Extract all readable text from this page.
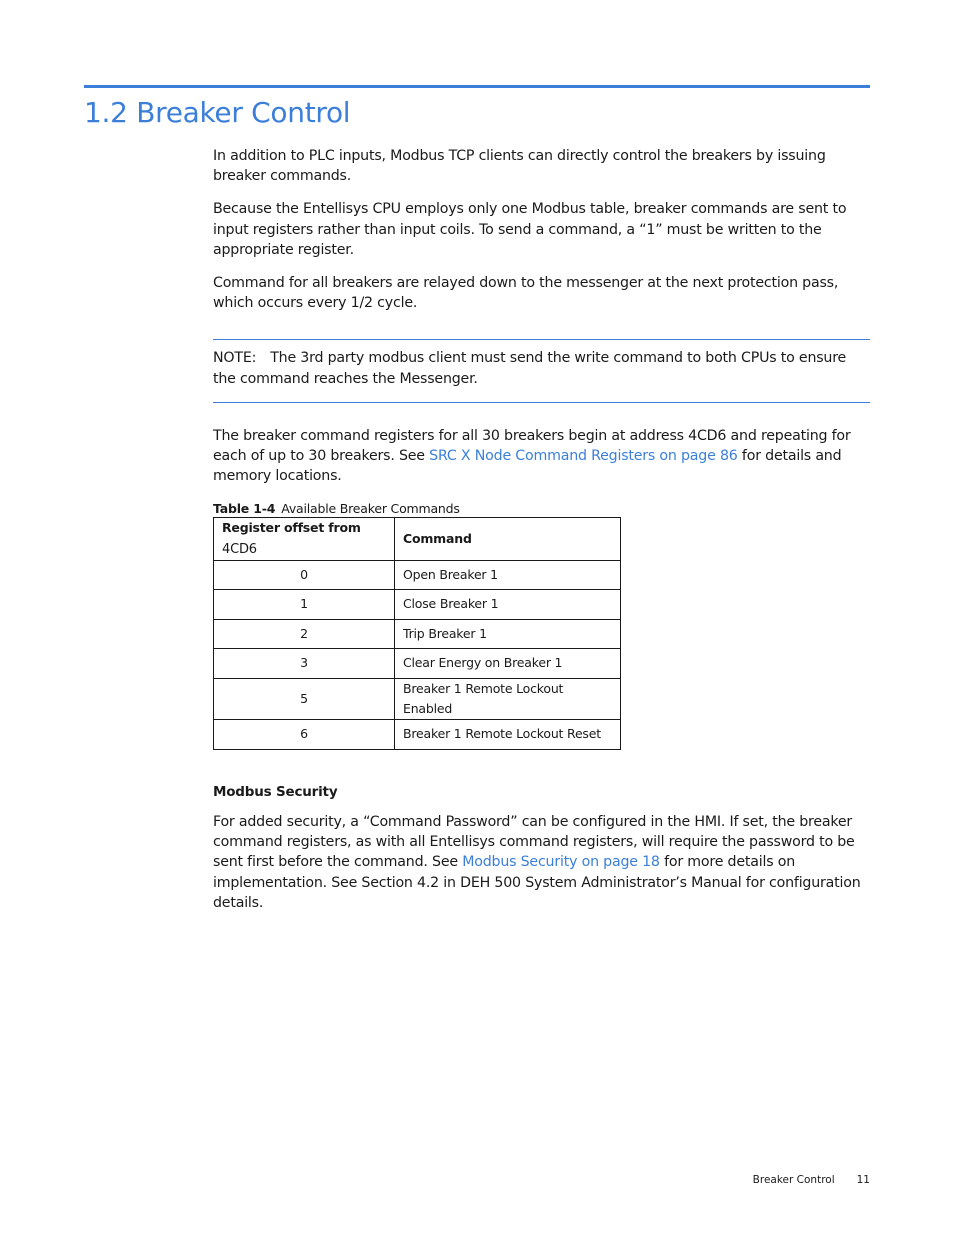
1.2 Breaker Control

In addition to PLC inputs, Modbus TCP clients can directly control the breakers by issuing breaker commands.

Because the Entellisys CPU employs only one Modbus table, breaker commands are sent to input registers rather than input coils. To send a command, a “1” must be written to the appropriate register.

Command for all breakers are relayed down to the messenger at the next protection pass, which occurs every 1/2 cycle.

NOTE: The 3rd party modbus client must send the write command to both CPUs to ensure the command reaches the Messenger.

The breaker command registers for all 30 breakers begin at address 4CD6 and repeating for each of up to 30 breakers. See SRC X Node Command Registers on page 86 for details and memory locations.

Table 1-4 Available Breaker Commands
Register offset from 4CD6	Command
0	Open Breaker 1
1	Close Breaker 1
2	Trip Breaker 1
3	Clear Energy on Breaker 1
5	Breaker 1 Remote Lockout Enabled
6	Breaker 1 Remote Lockout Reset

Modbus Security

For added security, a “Command Password” can be configured in the HMI. If set, the breaker command registers, as with all Entellisys command registers, will require the password to be sent first before the command. See Modbus Security on page 18 for more details on implementation. See Section 4.2 in DEH 500 System Administrator’s Manual for configuration details.

Breaker Control 11
